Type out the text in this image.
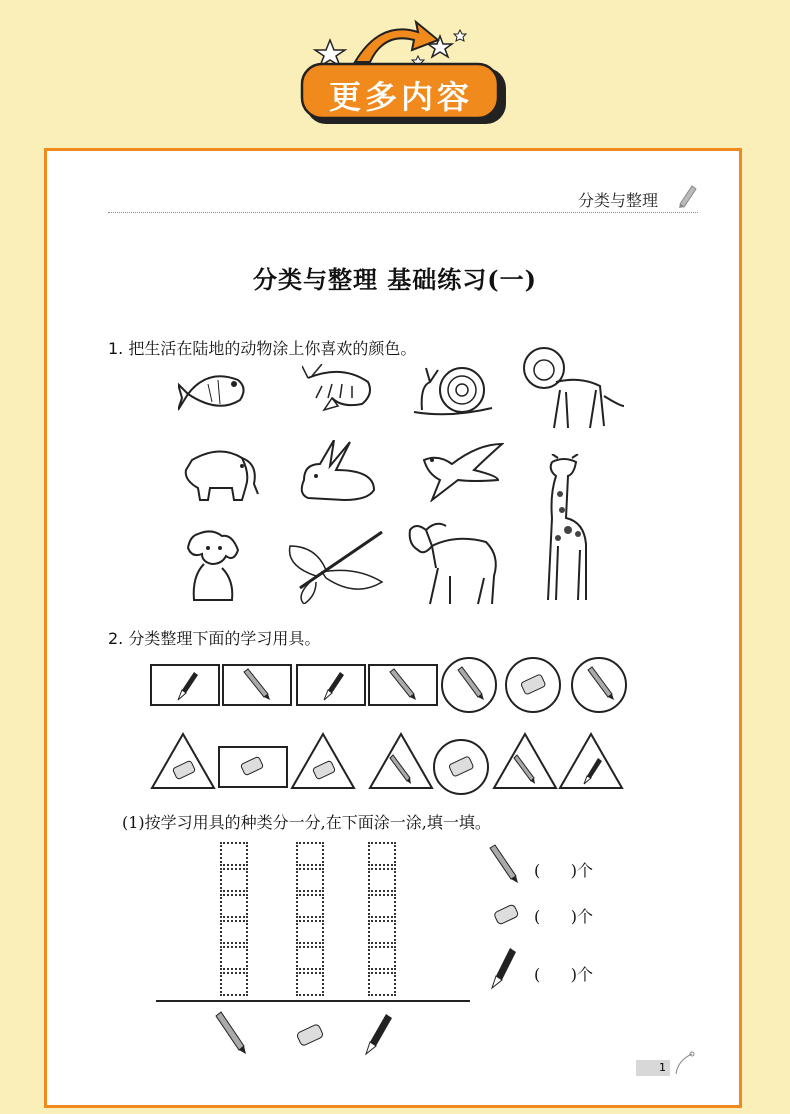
更多内容
分类与整理
分类与整理 基础练习(一)
1. 把生活在陆地的动物涂上你喜欢的颜色。
2. 分类整理下面的学习用具。
(1)按学习用具的种类分一分,在下面涂一涂,填一填。
(      )个
(      )个
(      )个
1
